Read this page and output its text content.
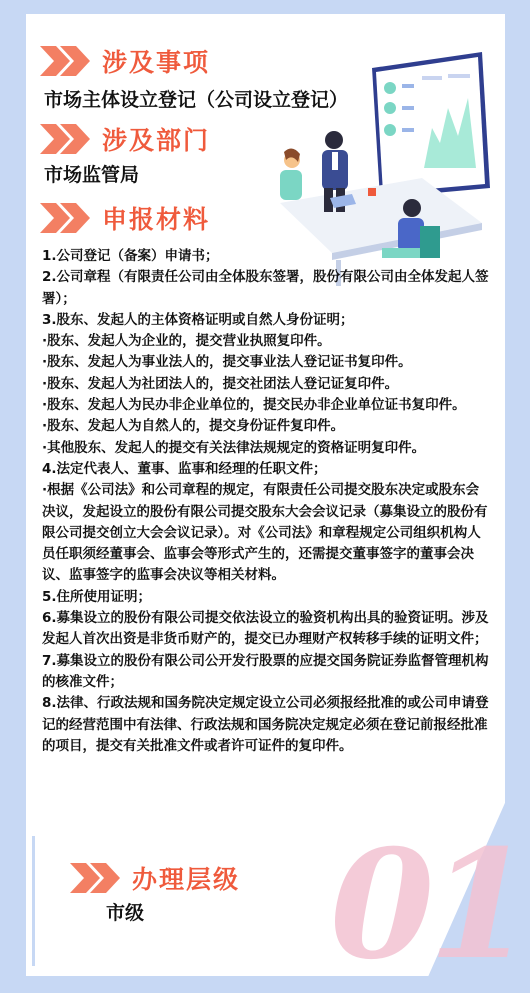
涉及事项
市场主体设立登记（公司设立登记）
涉及部门
市场监管局
申报材料
1.公司登记（备案）申请书；
2.公司章程（有限责任公司由全体股东签署，股份有限公司由全体发起人签署）；
3.股东、发起人的主体资格证明或自然人身份证明；
·股东、发起人为企业的，提交营业执照复印件。
·股东、发起人为事业法人的，提交事业法人登记证书复印件。
·股东、发起人为社团法人的，提交社团法人登记证复印件。
·股东、发起人为民办非企业单位的，提交民办非企业单位证书复印件。
·股东、发起人为自然人的，提交身份证件复印件。
·其他股东、发起人的提交有关法律法规规定的资格证明复印件。
4.法定代表人、董事、监事和经理的任职文件；
·根据《公司法》和公司章程的规定，有限责任公司提交股东决定或股东会决议，发起设立的股份有限公司提交股东大会会议记录（募集设立的股份有限公司提交创立大会会议记录）。对《公司法》和章程规定公司组织机构人员任职须经董事会、监事会等形式产生的，还需提交董事签字的董事会决议、监事签字的监事会决议等相关材料。
5.住所使用证明；
6.募集设立的股份有限公司提交依法设立的验资机构出具的验资证明。涉及发起人首次出资是非货币财产的，提交已办理财产权转移手续的证明文件；
7.募集设立的股份有限公司公开发行股票的应提交国务院证券监督管理机构的核准文件；
8.法律、行政法规和国务院决定规定设立公司必须报经批准的或公司申请登记的经营范围中有法律、行政法规和国务院决定规定必须在登记前报经批准的项目，提交有关批准文件或者许可证件的复印件。
01
办理层级
市级
